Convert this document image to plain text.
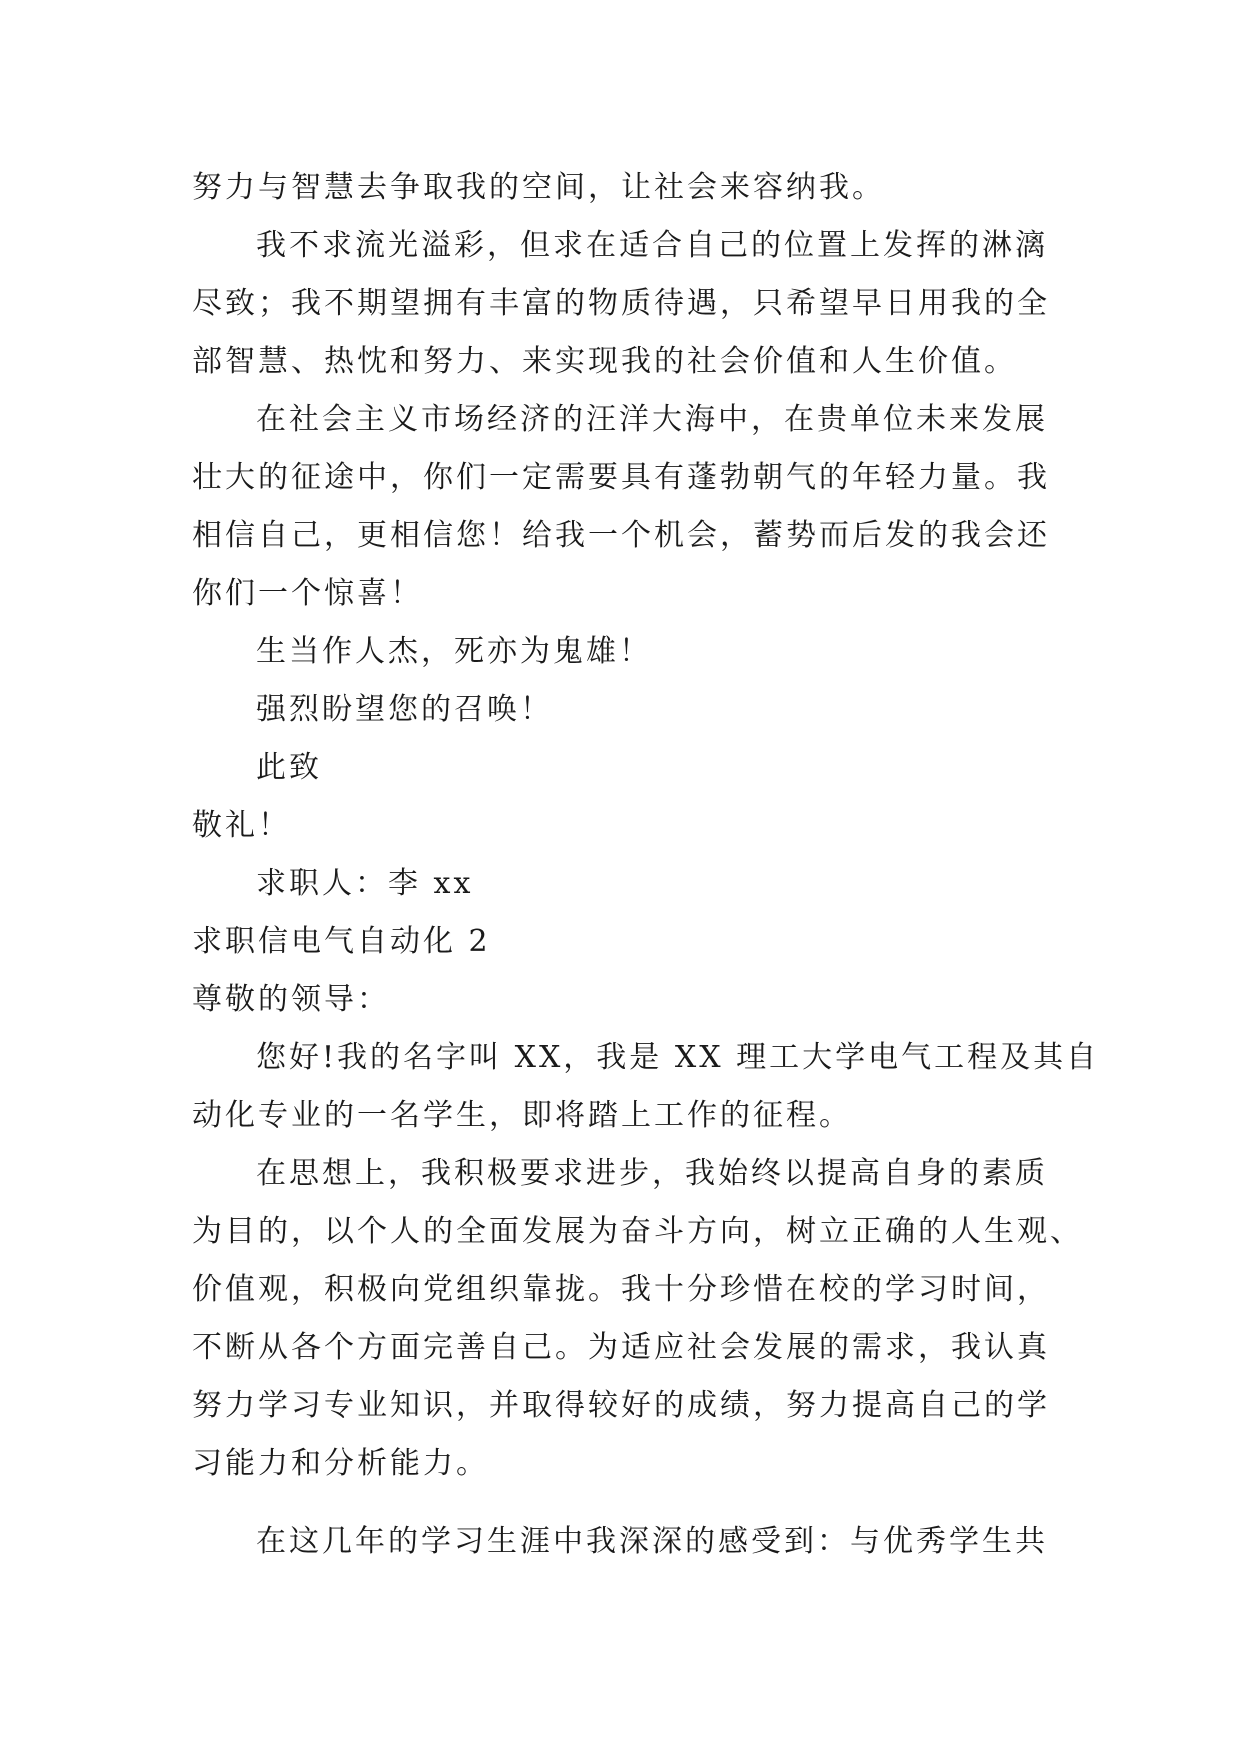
努力与智慧去争取我的空间，让社会来容纳我。
我不求流光溢彩，但求在适合自己的位置上发挥的淋漓
尽致；我不期望拥有丰富的物质待遇，只希望早日用我的全
部智慧、热忱和努力、来实现我的社会价值和人生价值。
在社会主义市场经济的汪洋大海中，在贵单位未来发展
壮大的征途中，你们一定需要具有蓬勃朝气的年轻力量。我
相信自己，更相信您！给我一个机会，蓄势而后发的我会还
你们一个惊喜！
生当作人杰，死亦为鬼雄！
强烈盼望您的召唤！
此致
敬礼！
求职人：李 xx
求职信电气自动化 2
尊敬的领导：
您好!我的名字叫 XX，我是 XX 理工大学电气工程及其自
动化专业的一名学生，即将踏上工作的征程。
在思想上，我积极要求进步，我始终以提高自身的素质
为目的，以个人的全面发展为奋斗方向，树立正确的人生观、
价值观，积极向党组织靠拢。我十分珍惜在校的学习时间，
不断从各个方面完善自己。为适应社会发展的需求，我认真
努力学习专业知识，并取得较好的成绩，努力提高自己的学
习能力和分析能力。
在这几年的学习生涯中我深深的感受到：与优秀学生共
